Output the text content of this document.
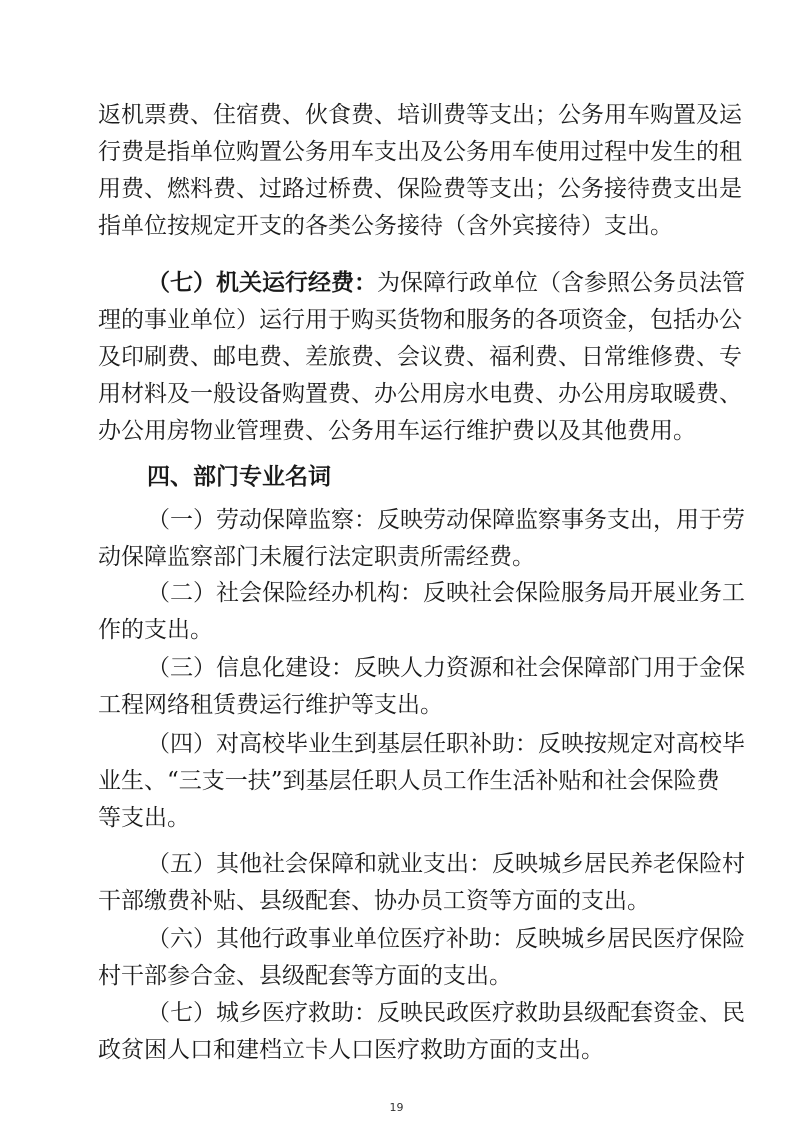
返机票费、住宿费、伙食费、培训费等支出；公务用车购置及运
行费是指单位购置公务用车支出及公务用车使用过程中发生的租
用费、燃料费、过路过桥费、保险费等支出；公务接待费支出是
指单位按规定开支的各类公务接待（含外宾接待）支出。
（七）机关运行经费：为保障行政单位（含参照公务员法管
理的事业单位）运行用于购买货物和服务的各项资金，包括办公
及印刷费、邮电费、差旅费、会议费、福利费、日常维修费、专
用材料及一般设备购置费、办公用房水电费、办公用房取暖费、
办公用房物业管理费、公务用车运行维护费以及其他费用。
四、部门专业名词
（一）劳动保障监察：反映劳动保障监察事务支出，用于劳
动保障监察部门未履行法定职责所需经费。
（二）社会保险经办机构：反映社会保险服务局开展业务工
作的支出。
（三）信息化建设：反映人力资源和社会保障部门用于金保
工程网络租赁费运行维护等支出。
（四）对高校毕业生到基层任职补助：反映按规定对高校毕
业生、“三支一扶”到基层任职人员工作生活补贴和社会保险费
等支出。
（五）其他社会保障和就业支出：反映城乡居民养老保险村
干部缴费补贴、县级配套、协办员工资等方面的支出。
（六）其他行政事业单位医疗补助：反映城乡居民医疗保险
村干部参合金、县级配套等方面的支出。
（七）城乡医疗救助：反映民政医疗救助县级配套资金、民
政贫困人口和建档立卡人口医疗救助方面的支出。
19
